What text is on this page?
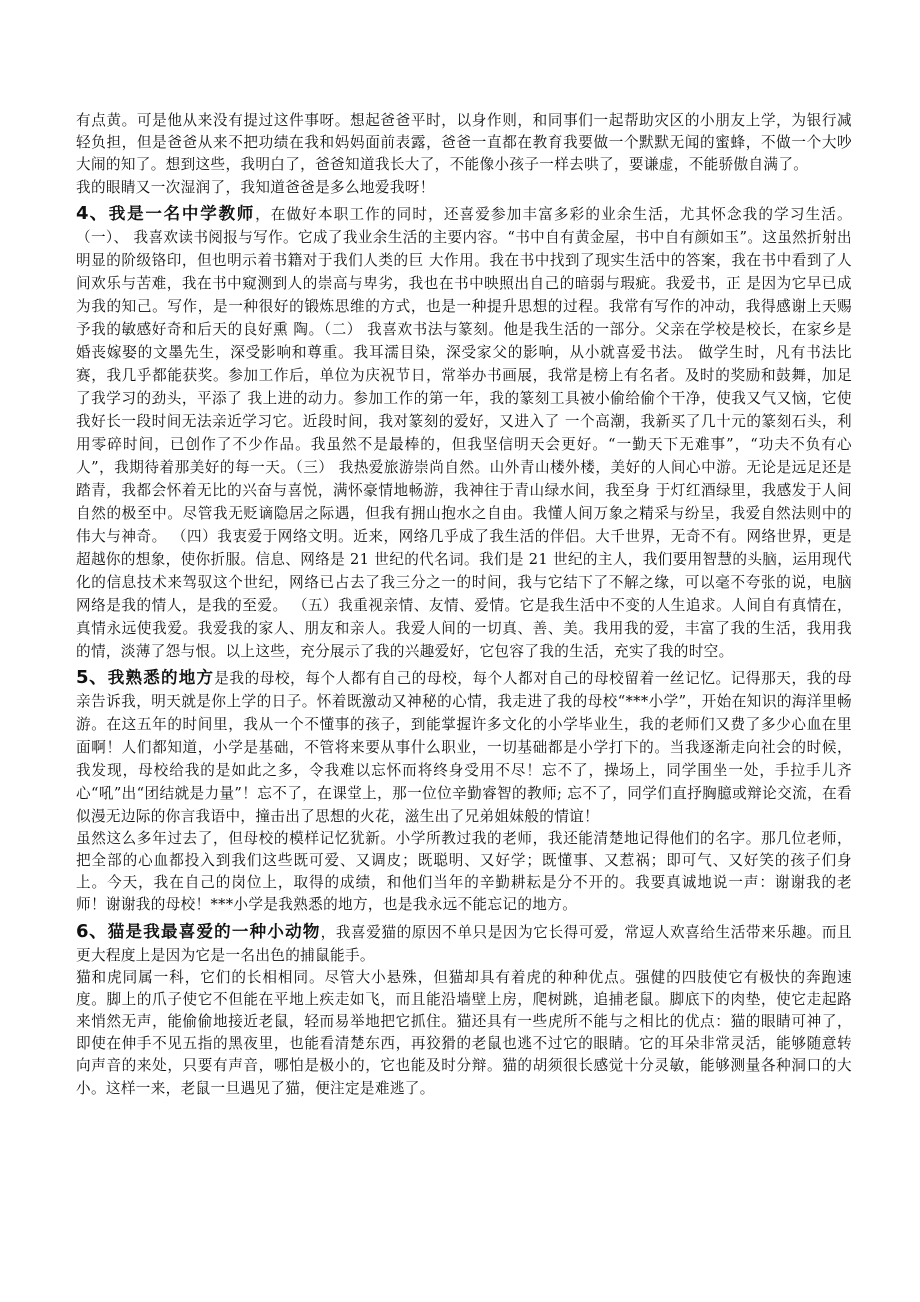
有点黄。可是他从来没有提过这件事呀。想起爸爸平时，以身作则，和同事们一起帮助灾区的小朋友上学，为银行减轻负担，但是爸爸从来不把功绩在我和妈妈面前表露，爸爸一直都在教育我要做一个默默无闻的蜜蜂，不做一个大吵大闹的知了。想到这些，我明白了，爸爸知道我长大了，不能像小孩子一样去哄了，要谦虚，不能骄傲自满了。

我的眼睛又一次湿润了，我知道爸爸是多么地爱我呀！

4、我是一名中学教师，在做好本职工作的同时，还喜爱参加丰富多彩的业余生活，尤其怀念我的学习生活。 （一）、 我喜欢读书阅报与写作。它成了我业余生活的主要内容。“书中自有黄金屋，书中自有颜如玉”。这虽然折射出明显的阶级铬印，但也明示着书籍对于我们人类的巨 大作用。我在书中找到了现实生活中的答案，我在书中看到了人间欢乐与苦难，我在书中窥测到人的崇高与卑劣，我也在书中映照出自己的暗弱与瑕疵。我爱书，正 是因为它早已成为我的知己。写作，是一种很好的锻炼思维的方式，也是一种提升思想的过程。我常有写作的冲动，我得感谢上天赐予我的敏感好奇和后天的良好熏 陶。（二） 我喜欢书法与篆刻。他是我生活的一部分。父亲在学校是校长，在家乡是婚丧嫁娶的文墨先生，深受影响和尊重。我耳濡目染，深受家父的影响，从小就喜爱书法。 做学生时，凡有书法比赛，我几乎都能获奖。参加工作后，单位为庆祝节日，常举办书画展，我常是榜上有名者。及时的奖励和鼓舞，加足了我学习的劲头，平添了 我上进的动力。参加工作的第一年，我的篆刻工具被小偷给偷个干净，使我又气又恼，它使我好长一段时间无法亲近学习它。近段时间，我对篆刻的爱好，又进入了 一个高潮，我新买了几十元的篆刻石头，利用零碎时间，已创作了不少作品。我虽然不是最棒的，但我坚信明天会更好。“一勤天下无难事”，“功夫不负有心 人”，我期待着那美好的每一天。（三） 我热爱旅游崇尚自然。山外青山楼外楼，美好的人间心中游。无论是远足还是踏青，我都会怀着无比的兴奋与喜悦，满怀豪情地畅游，我神往于青山绿水间，我至身 于灯红酒绿里，我感发于人间自然的极至中。尽管我无贬谪隐居之际遇，但我有拥山抱水之自由。我懂人间万象之精采与纷呈，我爱自然法则中的伟大与神奇。 （四）我衷爱于网络文明。近来，网络几乎成了我生活的伴侣。大千世界，无奇不有。网络世界，更是超越你的想象，使你折服。信息、网络是 21 世纪的代名词。我们是 21 世纪的主人，我们要用智慧的头脑，运用现代化的信息技术来驾驭这个世纪，网络已占去了我三分之一的时间，我与它结下了不解之缘，可以毫不夸张的说，电脑网络是我的情人，是我的至爱。 （五）我重视亲情、友情、爱情。它是我生活中不变的人生追求。人间自有真情在，真情永远使我爱。我爱我的家人、朋友和亲人。我爱人间的一切真、善、美。我用我的爱，丰富了我的生活，我用我的情，淡薄了怨与恨。以上这些，充分展示了我的兴趣爱好，它包容了我的生活，充实了我的时空。

5、我熟悉的地方是我的母校，每个人都有自己的母校，每个人都对自己的母校留着一丝记忆。记得那天，我的母亲告诉我，明天就是你上学的日子。怀着既激动又神秘的心情，我走进了我的母校“***小学”，开始在知识的海洋里畅游。在这五年的时间里，我从一个不懂事的孩子，到能掌握许多文化的小学毕业生，我的老师们又费了多少心血在里面啊！人们都知道，小学是基础，不管将来要从事什么职业，一切基础都是小学打下的。当我逐渐走向社会的时候，我发现，母校给我的是如此之多，令我难以忘怀而将终身受用不尽！忘不了，操场上，同学围坐一处，手拉手儿齐心“吼”出“团结就是力量”！忘不了，在课堂上，那一位位辛勤睿智的教师; 忘不了，同学们直抒胸臆或辩论交流，在看似漫无边际的你言我语中，撞击出了思想的火花，滋生出了兄弟姐妹般的情谊！

虽然这么多年过去了，但母校的模样记忆犹新。小学所教过我的老师，我还能清楚地记得他们的名字。那几位老师，把全部的心血都投入到我们这些既可爱、又调皮；既聪明、又好学；既懂事、又惹祸；即可气、又好笑的孩子们身上。今天，我在自己的岗位上，取得的成绩，和他们当年的辛勤耕耘是分不开的。我要真诚地说一声：谢谢我的老师！谢谢我的母校！***小学是我熟悉的地方，也是我永远不能忘记的地方。

6、猫是我最喜爱的一种小动物，我喜爱猫的原因不单只是因为它长得可爱，常逗人欢喜给生活带来乐趣。而且更大程度上是因为它是一名出色的捕鼠能手。

猫和虎同属一科，它们的长相相同。尽管大小悬殊，但猫却具有着虎的种种优点。强健的四肢使它有极快的奔跑速度。脚上的爪子使它不但能在平地上疾走如飞，而且能沿墙壁上房，爬树跳，追捕老鼠。脚底下的肉垫，使它走起路来悄然无声，能偷偷地接近老鼠，轻而易举地把它抓住。猫还具有一些虎所不能与之相比的优点：猫的眼睛可神了，即使在伸手不见五指的黑夜里，也能看清楚东西，再狡猾的老鼠也逃不过它的眼睛。它的耳朵非常灵活，能够随意转向声音的来处，只要有声音，哪怕是极小的，它也能及时分辩。猫的胡须很长感觉十分灵敏，能够测量各种洞口的大小。这样一来，老鼠一旦遇见了猫，便注定是难逃了。
